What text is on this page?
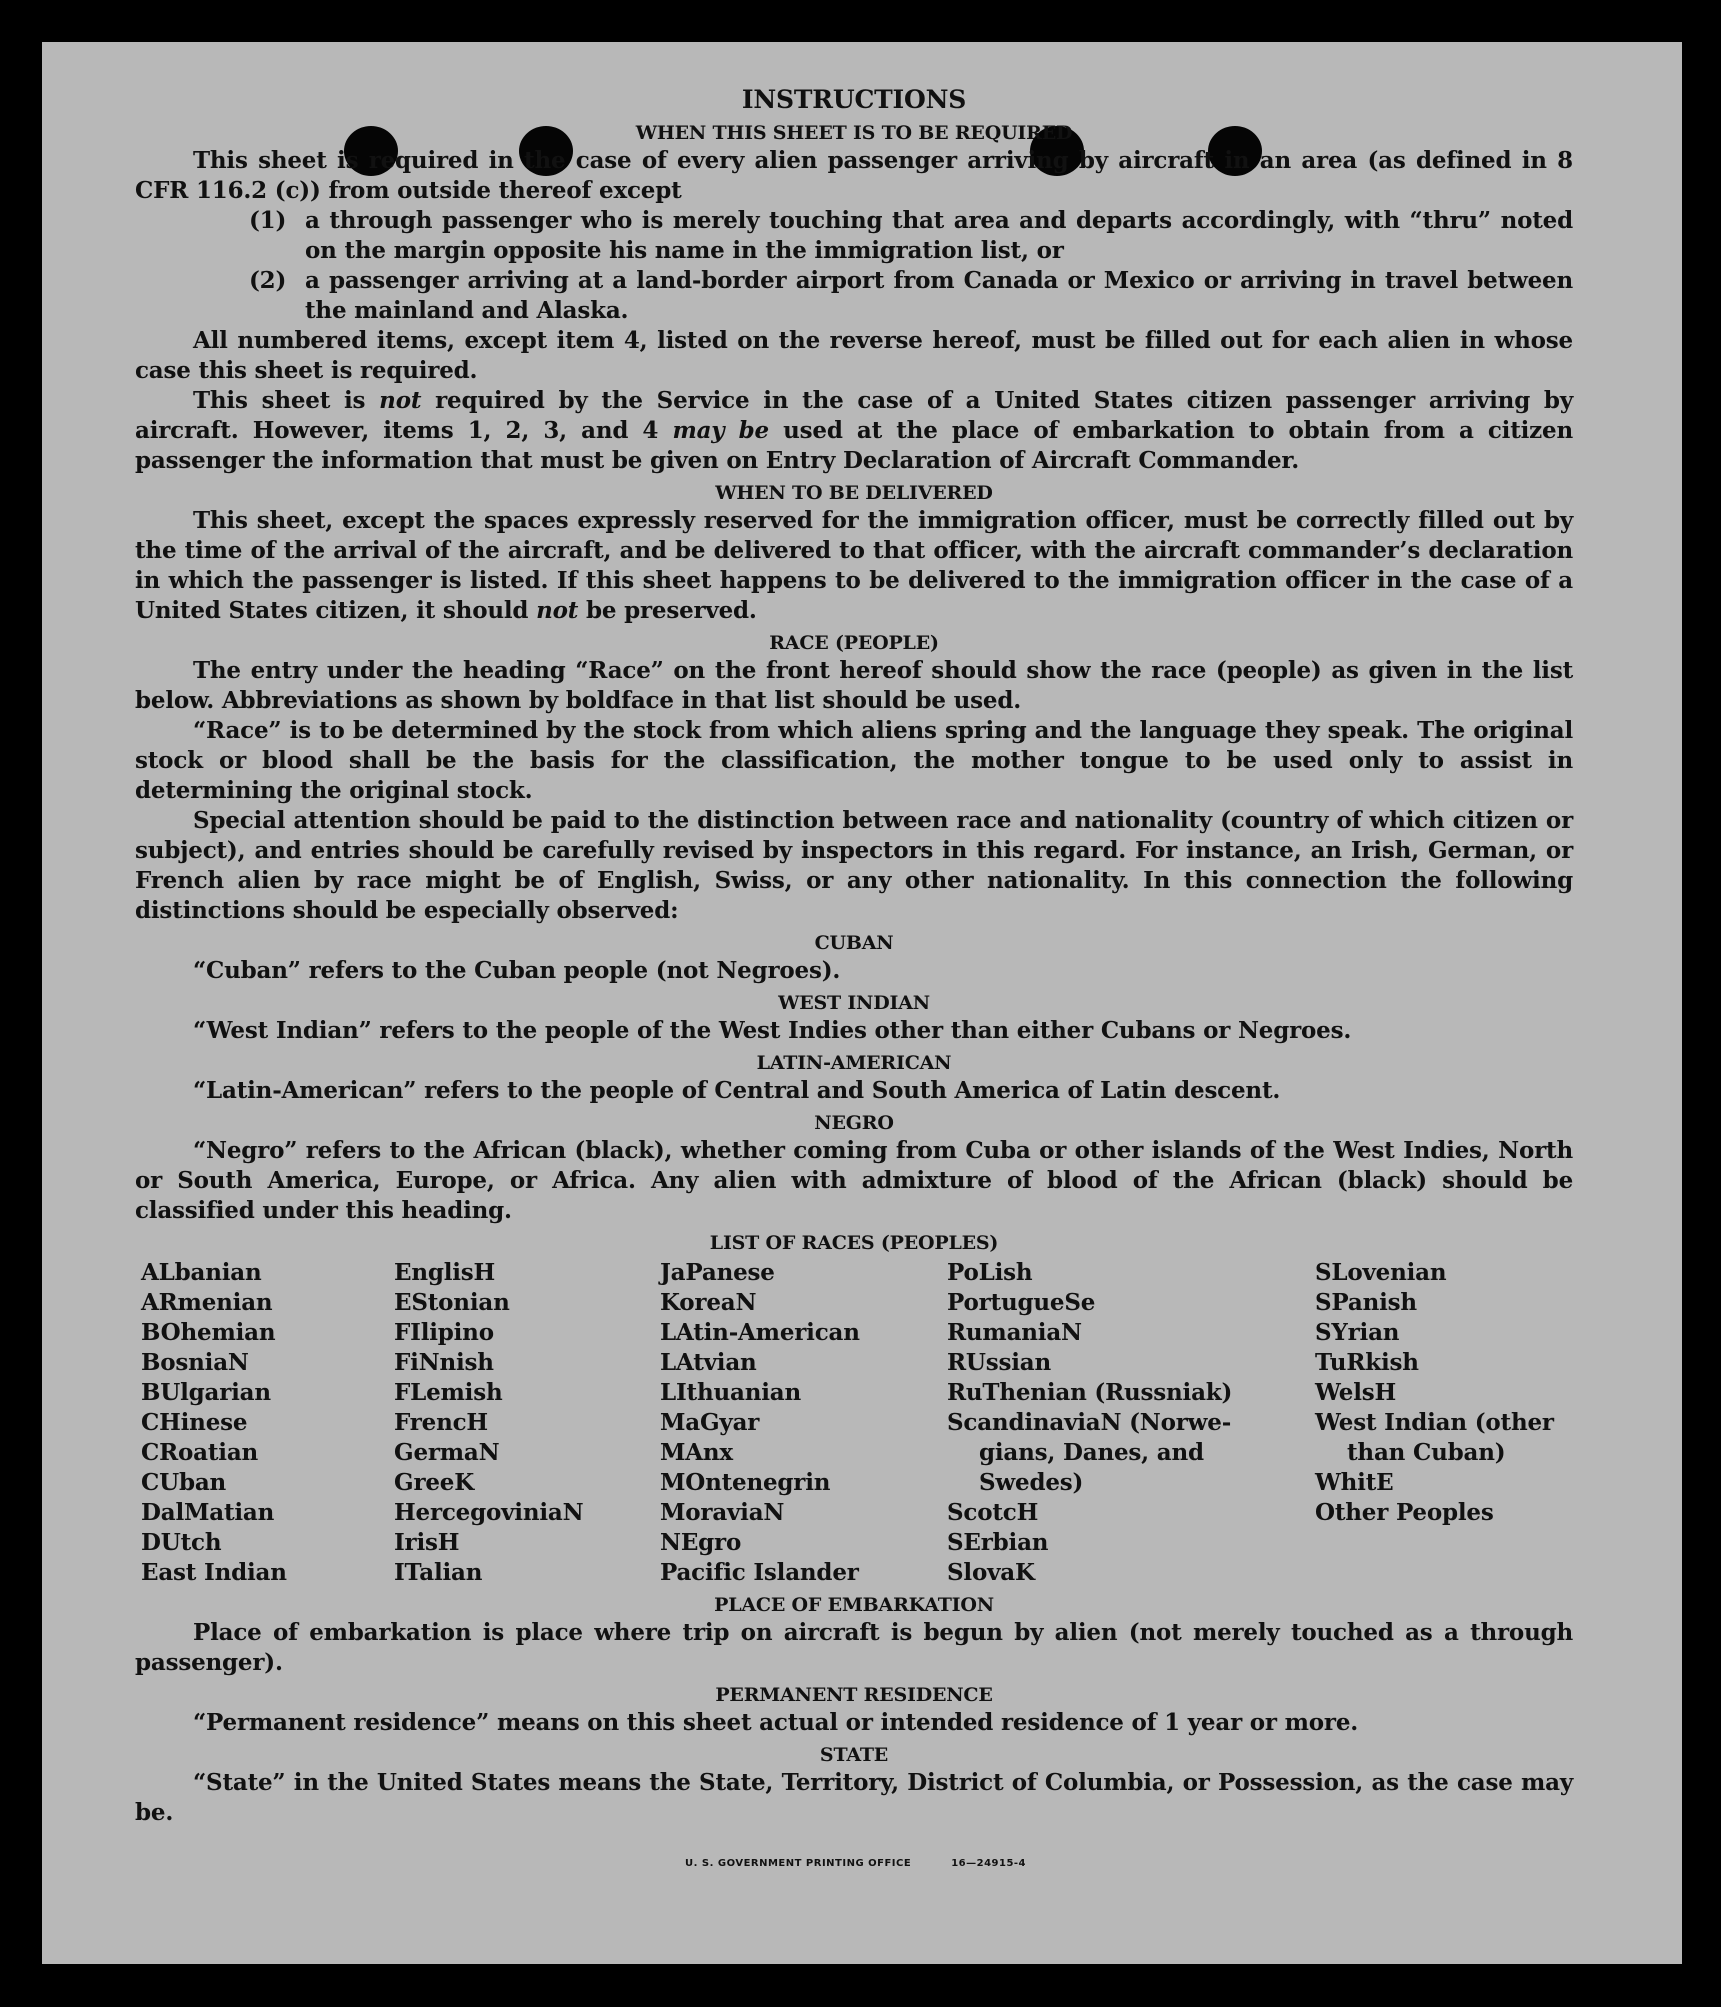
INSTRUCTIONS
WHEN THIS SHEET IS TO BE REQUIRED

This sheet is required in the case of every alien passenger arriving by aircraft in an area (as defined in 8 CFR 116.2 (c)) from outside thereof except

(1) a through passenger who is merely touching that area and departs accordingly, with “thru” noted on the margin opposite his name in the immigration list, or

(2) a passenger arriving at a land-border airport from Canada or Mexico or arriving in travel between the mainland and Alaska.

All numbered items, except item 4, listed on the reverse hereof, must be filled out for each alien in whose case this sheet is required.

This sheet is not required by the Service in the case of a United States citizen passenger arriving by aircraft. However, items 1, 2, 3, and 4 may be used at the place of embarkation to obtain from a citizen passenger the information that must be given on Entry Declaration of Aircraft Commander.

WHEN TO BE DELIVERED

This sheet, except the spaces expressly reserved for the immigration officer, must be correctly filled out by the time of the arrival of the aircraft, and be delivered to that officer, with the aircraft commander’s declaration in which the passenger is listed. If this sheet happens to be delivered to the immigration officer in the case of a United States citizen, it should not be preserved.

RACE (PEOPLE)

The entry under the heading “Race” on the front hereof should show the race (people) as given in the list below. Abbreviations as shown by boldface in that list should be used.

“Race” is to be determined by the stock from which aliens spring and the language they speak. The original stock or blood shall be the basis for the classification, the mother tongue to be used only to assist in determining the original stock.

Special attention should be paid to the distinction between race and nationality (country of which citizen or subject), and entries should be carefully revised by inspectors in this regard. For instance, an Irish, German, or French alien by race might be of English, Swiss, or any other nationality. In this connection the following distinctions should be especially observed:

CUBAN

“Cuban” refers to the Cuban people (not Negroes).

WEST INDIAN

“West Indian” refers to the people of the West Indies other than either Cubans or Negroes.

LATIN-AMERICAN

“Latin-American” refers to the people of Central and South America of Latin descent.

NEGRO

“Negro” refers to the African (black), whether coming from Cuba or other islands of the West Indies, North or South America, Europe, or Africa. Any alien with admixture of blood of the African (black) should be classified under this heading.

LIST OF RACES (PEOPLES)
ALbanian
ARmenian
BOhemian
BosniaN
BUlgarian
CHinese
CRoatian
CUban
DalMatian
DUtch
East Indian
EnglisH
EStonian
FIlipino
FiNnish
FLemish
FrencH
GermaN
GreeK
HercegoviniaN
IrisH
ITalian
JaPanese
KoreaN
LAtin-American
LAtvian
LIthuanian
MaGyar
MAnx
MOntenegrin
MoraviaN
NEgro
Pacific Islander
PoLish
PortugueSe
RumaniaN
RUssian
RuThenian (Russniak)
ScandinaviaN (Norwe-
gians, Danes, and
Swedes)
ScotcH
SErbian
SlovaK
SLovenian
SPanish
SYrian
TuRkish
WelsH
West Indian (other
than Cuban)
WhitE
Other Peoples
PLACE OF EMBARKATION

Place of embarkation is place where trip on aircraft is begun by alien (not merely touched as a through passenger).

PERMANENT RESIDENCE

“Permanent residence” means on this sheet actual or intended residence of 1 year or more.

STATE

“State” in the United States means the State, Territory, District of Columbia, or Possession, as the case may be.

U. S. GOVERNMENT PRINTING OFFICE	16—24915-4
